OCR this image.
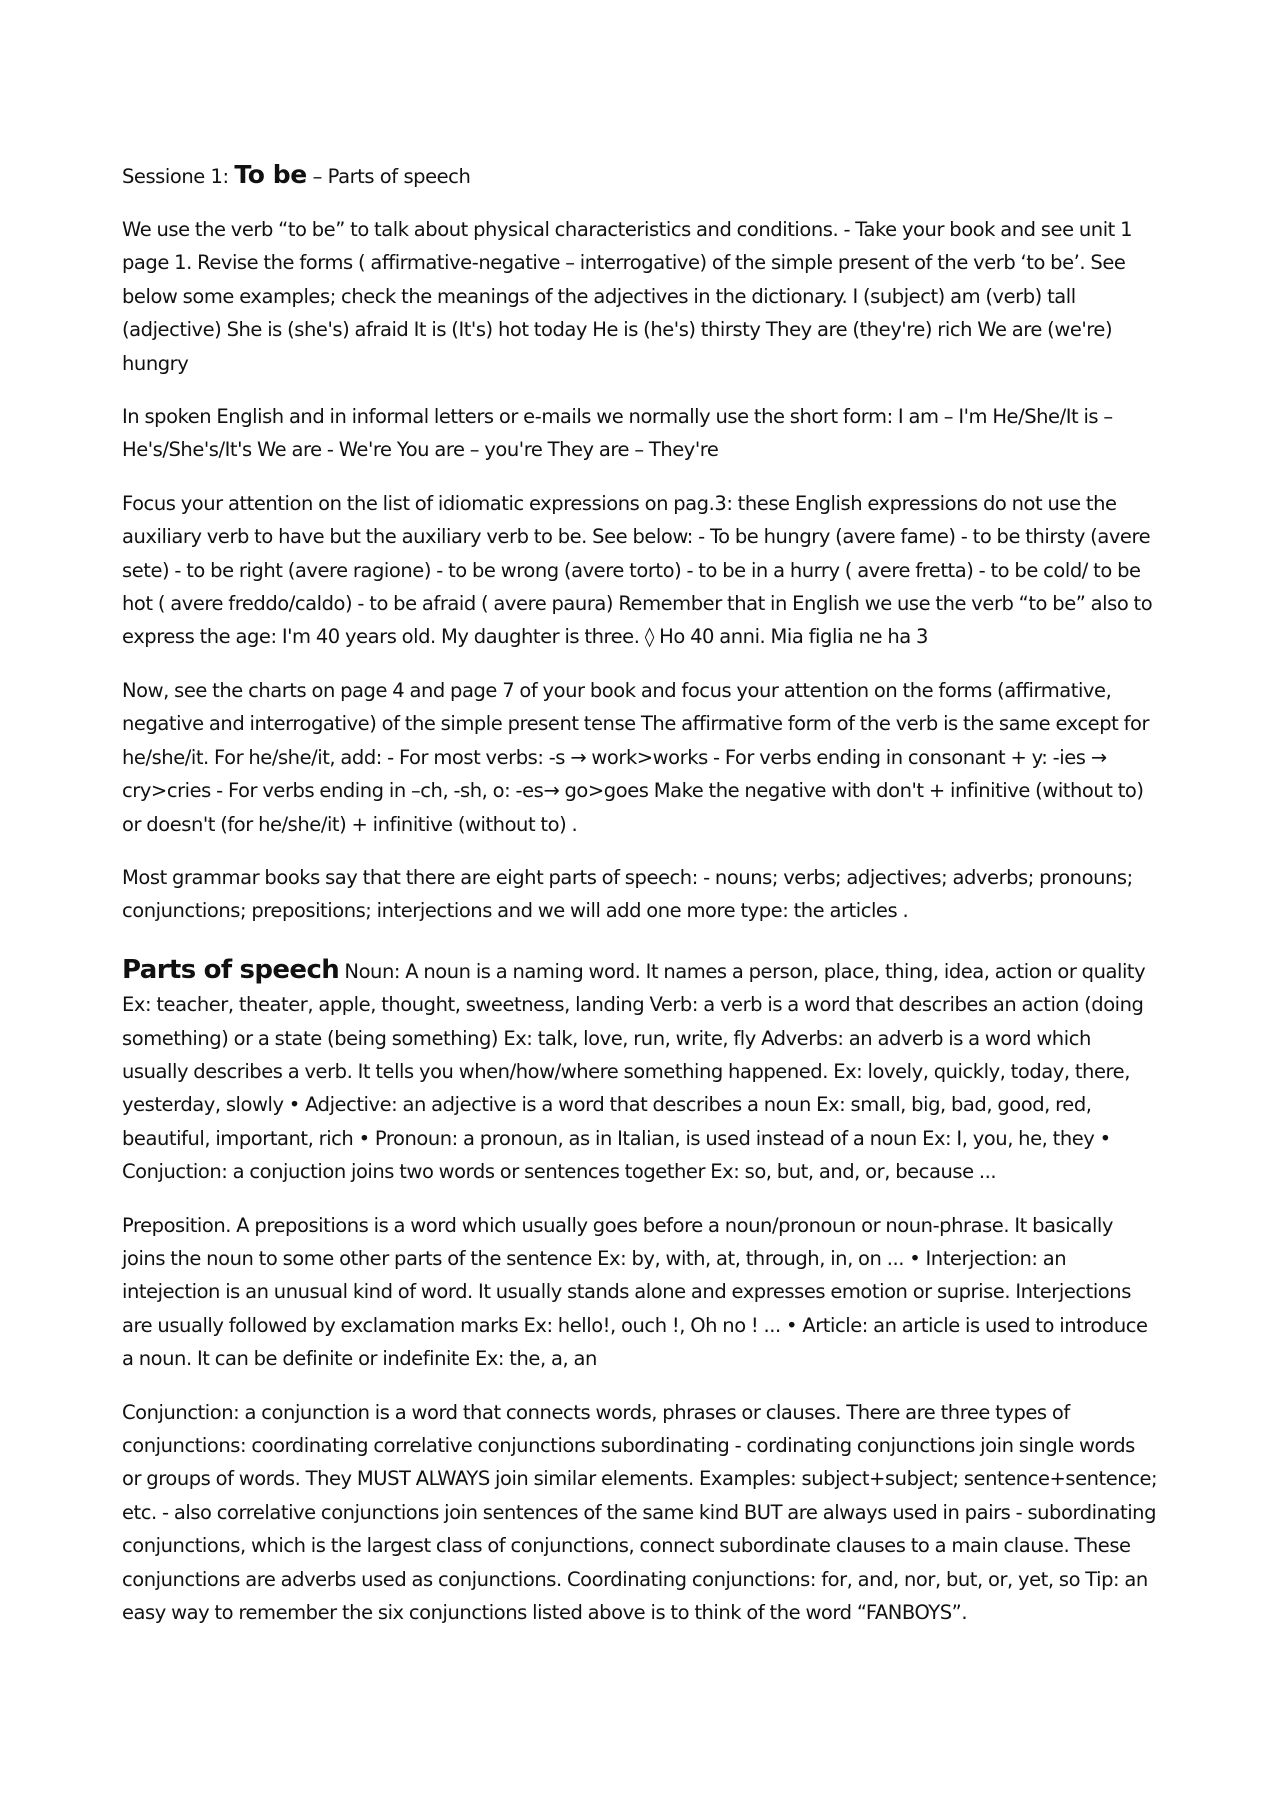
Sessione 1: To be – Parts of speech

We use the verb “to be” to talk about physical characteristics and conditions. - Take your book and see unit 1 page 1. Revise the forms ( affirmative-negative – interrogative) of the simple present of the verb ‘to be’. See below some examples; check the meanings of the adjectives in the dictionary. I (subject) am (verb) tall (adjective) She is (she's) afraid It is (It's) hot today He is (he's) thirsty They are (they're) rich We are (we're) hungry

In spoken English and in informal letters or e-mails we normally use the short form: I am – I'm He/She/It is – He's/She's/It's We are - We're You are – you're They are – They're

Focus your attention on the list of idiomatic expressions on pag.3: these English expressions do not use the auxiliary verb to have but the auxiliary verb to be. See below: - To be hungry (avere fame) - to be thirsty (avere sete) - to be right (avere ragione) - to be wrong (avere torto) - to be in a hurry ( avere fretta) - to be cold/ to be hot ( avere freddo/caldo) - to be afraid ( avere paura) Remember that in English we use the verb “to be” also to express the age: I'm 40 years old. My daughter is three. ◊ Ho 40 anni. Mia figlia ne ha 3

Now, see the charts on page 4 and page 7 of your book and focus your attention on the forms (affirmative, negative and interrogative) of the simple present tense The affirmative form of the verb is the same except for he/she/it. For he/she/it, add: - For most verbs: -s → work>works - For verbs ending in consonant + y: -ies → cry>cries - For verbs ending in –ch, -sh, o: -es→ go>goes Make the negative with don't + infinitive (without to) or doesn't (for he/she/it) + infinitive (without to) .

Most grammar books say that there are eight parts of speech: - nouns; verbs; adjectives; adverbs; pronouns; conjunctions; prepositions; interjections and we will add one more type: the articles .

Parts of speech Noun: A noun is a naming word. It names a person, place, thing, idea, action or quality Ex: teacher, theater, apple, thought, sweetness, landing Verb: a verb is a word that describes an action (doing something) or a state (being something) Ex: talk, love, run, write, fly Adverbs: an adverb is a word which usually describes a verb. It tells you when/how/where something happened. Ex: lovely, quickly, today, there, yesterday, slowly • Adjective: an adjective is a word that describes a noun Ex: small, big, bad, good, red, beautiful, important, rich • Pronoun: a pronoun, as in Italian, is used instead of a noun Ex: I, you, he, they • Conjuction: a conjuction joins two words or sentences together Ex: so, but, and, or, because ...

Preposition. A prepositions is a word which usually goes before a noun/pronoun or noun-phrase. It basically joins the noun to some other parts of the sentence Ex: by, with, at, through, in, on ... • Interjection: an intejection is an unusual kind of word. It usually stands alone and expresses emotion or suprise. Interjections are usually followed by exclamation marks Ex: hello!, ouch !, Oh no ! ... • Article: an article is used to introduce a noun. It can be definite or indefinite Ex: the, a, an

Conjunction: a conjunction is a word that connects words, phrases or clauses. There are three types of conjunctions: coordinating correlative conjunctions subordinating - cordinating conjunctions join single words or groups of words. They MUST ALWAYS join similar elements. Examples: subject+subject; sentence+sentence; etc. - also correlative conjunctions join sentences of the same kind BUT are always used in pairs - subordinating conjunctions, which is the largest class of conjunctions, connect subordinate clauses to a main clause. These conjunctions are adverbs used as conjunctions. Coordinating conjunctions: for, and, nor, but, or, yet, so Tip: an easy way to remember the six conjunctions listed above is to think of the word “FANBOYS”.
